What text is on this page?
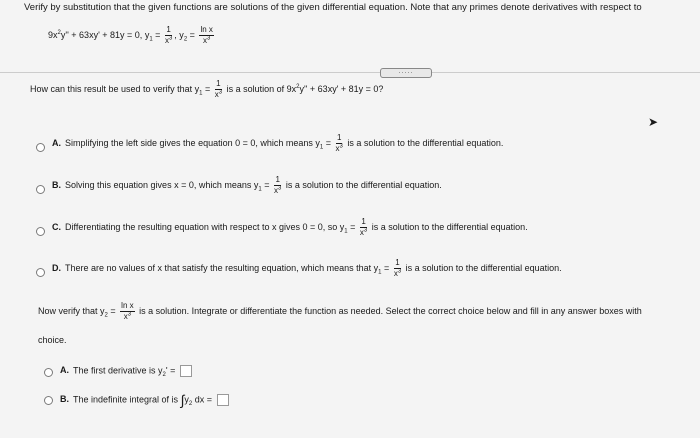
Verify by substitution that the given functions are solutions of the given differential equation. Note that any primes denote derivatives with respect to
$9x^2y'' + 63xy' + 81y = 0$, $y_1 = \frac{1}{x^3}$ , $y_2 = \frac{\text{ln x}}{x^3}$
.....
How can this result be used to verify that $y_1 = \frac{1}{x^3}$ is a solution of $9x^2y'' + 63xy' + 81y = 0$?
➤
A. Simplifying the left side gives the equation 0 = 0, which means $y_1 = \frac{1}{x^3}$ is a solution to the differential equation.
B. Solving this equation gives x = 0, which means $y_1 = \frac{1}{x^3}$ is a solution to the differential equation.
C. Differentiating the resulting equation with respect to x gives 0 = 0, so $y_1 = \frac{1}{x^3}$ is a solution to the differential equation.
D. There are no values of x that satisfy the resulting equation, which means that $y_1 = \frac{1}{x^3}$ is a solution to the differential equation.
Now verify that $y_2 = \frac{\text{ln x}}{x^3}$ is a solution. Integrate or differentiate the function as needed. Select the correct choice below and fill in any answer boxes with
choice.
A. The first derivative is $y_2'$ =
B. The indefinite integral of is $\int y_2$ dx =
